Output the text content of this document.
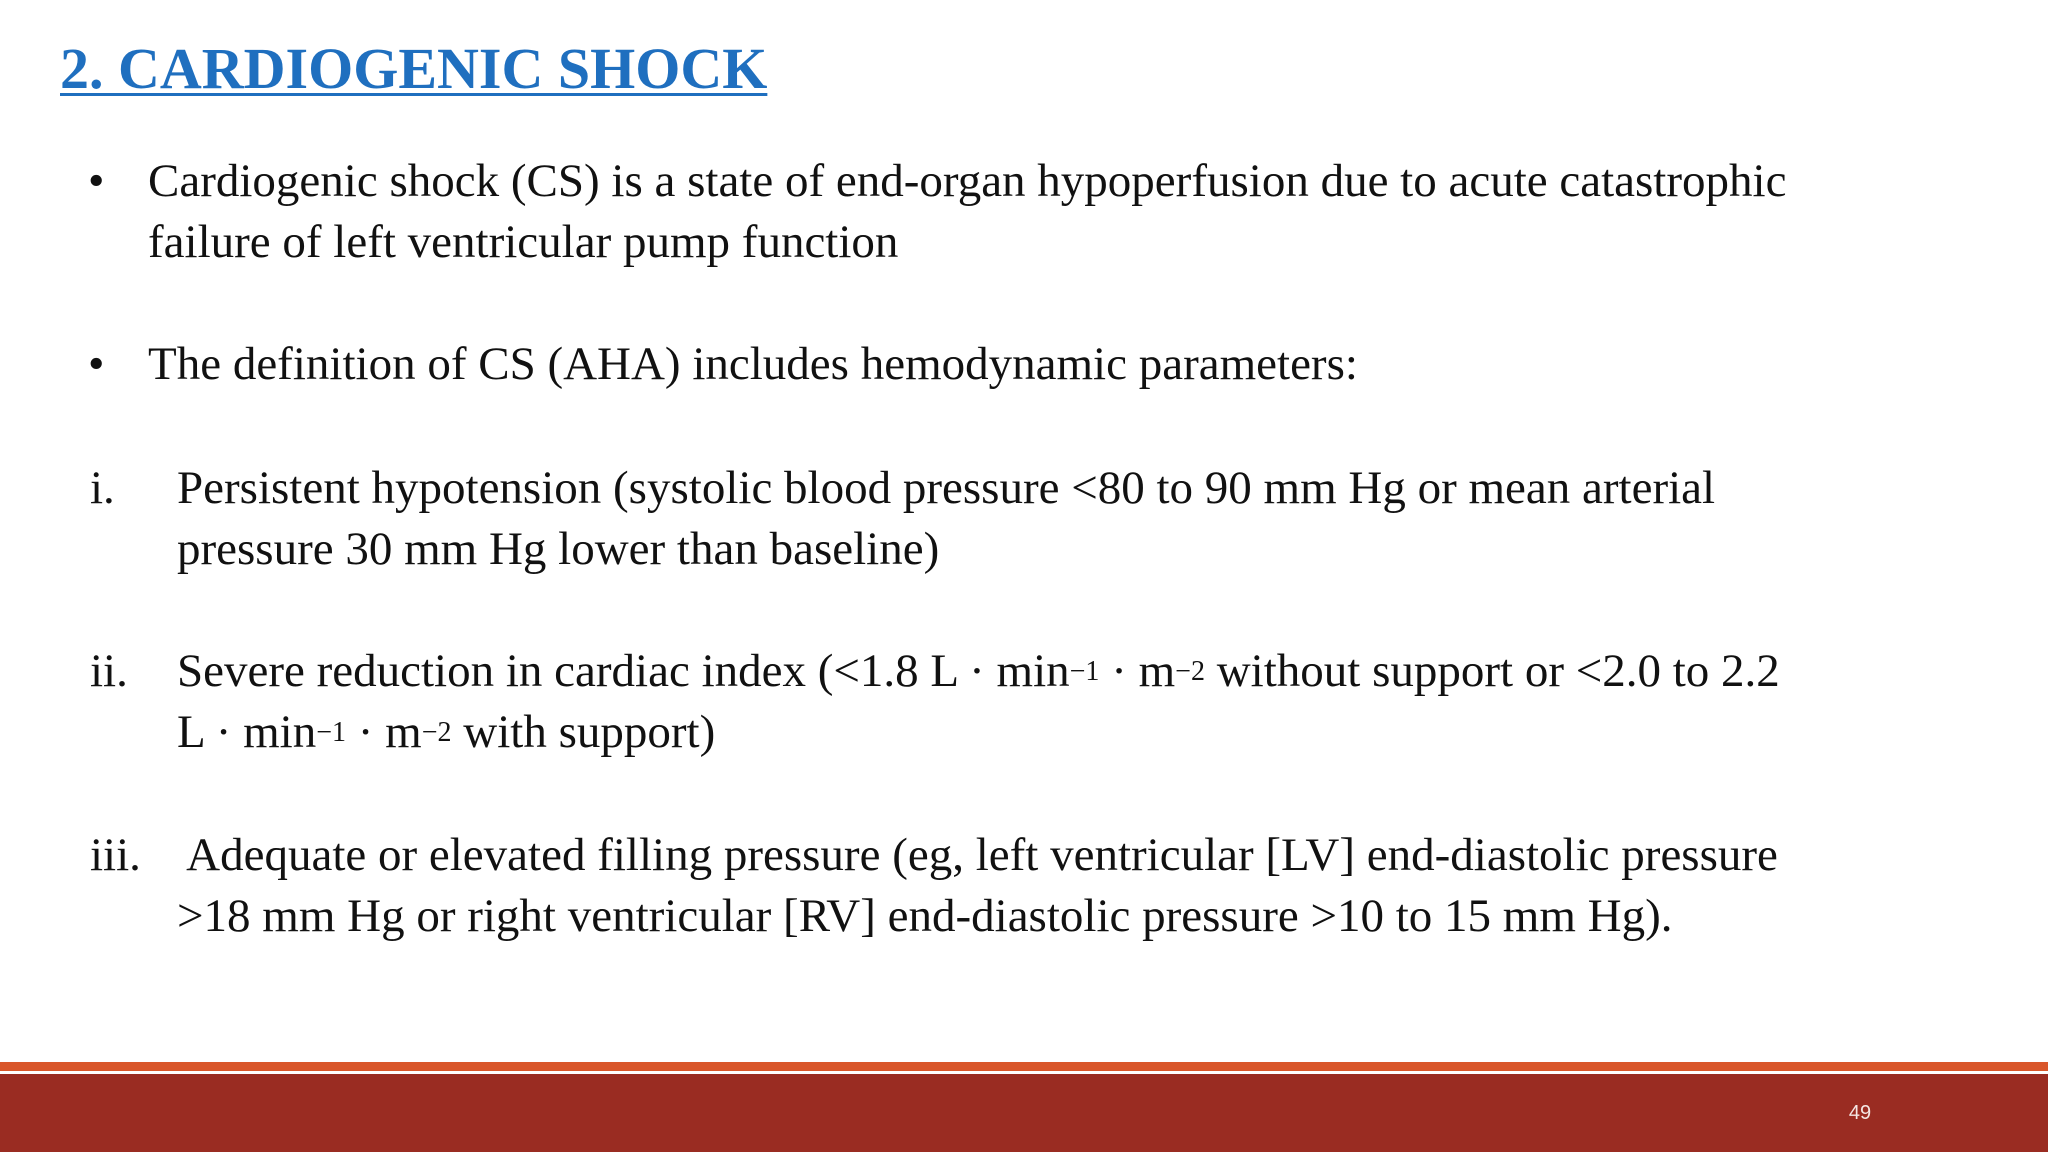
2. CARDIOGENIC SHOCK
• Cardiogenic shock (CS) is a state of end-organ hypoperfusion due to acute catastrophic
failure of left ventricular pump function
• The definition of CS (AHA) includes hemodynamic parameters:
i. Persistent hypotension (systolic blood pressure <80 to 90 mm Hg or mean arterial
pressure 30 mm Hg lower than baseline)
ii. Severe reduction in cardiac index (<1.8 $L \cdot \min^{-1} \cdot m^{-2}$ without support or <2.0 to 2.2
$L \cdot \min^{-1} \cdot m^{-2}$ with support)
iii. Adequate or elevated filling pressure (eg, left ventricular [LV] end-diastolic pressure
>18 mm Hg or right ventricular [RV] end-diastolic pressure >10 to 15 mm Hg).
49
